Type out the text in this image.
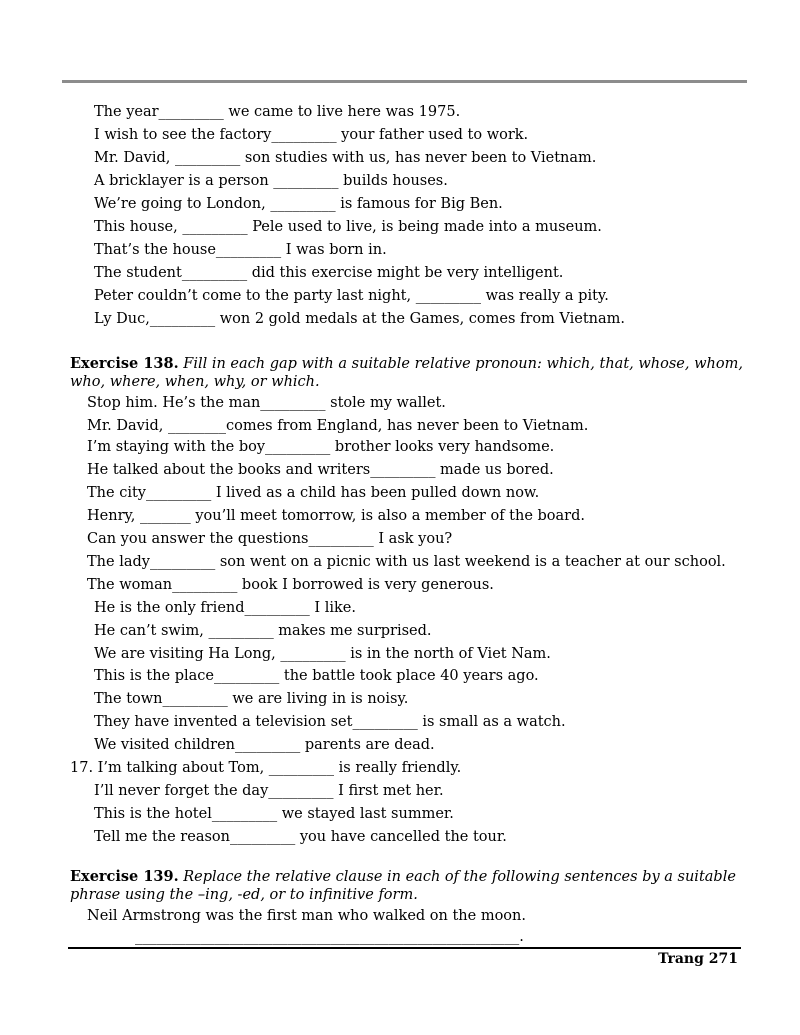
The year_________ we came to live here was 1975.
I wish to see the factory_________ your father used to work.
Mr. David, _________ son studies with us, has never been to Vietnam.
A bricklayer is a person _________ builds houses.
We’re going to London, _________ is famous for Big Ben.
This house, _________ Pele used to live, is being made into a museum.
That’s the house_________ I was born in.
The student_________ did this exercise might be very intelligent.
Peter couldn’t come to the party last night, _________ was really a pity.
Ly Duc,_________ won 2 gold medals at the Games, comes from Vietnam.
Exercise 138. Fill in each gap with a suitable relative pronoun: which, that, whose, whom, who, where, when, why, or which.
Stop him. He’s the man_________ stole my wallet.
Mr. David, ________comes from England, has never been to Vietnam.
I’m staying with the boy_________ brother looks very handsome.
He talked about the books and writers_________ made us bored.
The city_________ I lived as a child has been pulled down now.
Henry, _______ you’ll meet tomorrow, is also a member of the board.
Can you answer the questions_________ I ask you?
The lady_________ son went on a picnic with us last weekend is a teacher at our school.
The woman_________ book I borrowed is very generous.
He is the only friend_________ I like.
He can’t swim, _________ makes me surprised.
We are visiting Ha Long, _________ is in the north of Viet Nam.
This is the place_________ the battle took place 40 years ago.
The town_________ we are living in is noisy.
They have invented a television set_________ is small as a watch.
We visited children_________ parents are dead.
17. I’m talking about Tom, _________ is really friendly.
I’ll never forget the day_________ I first met her.
This is the hotel_________ we stayed last summer.
Tell me the reason_________ you have cancelled the tour.
Exercise 139. Replace the relative clause in each of the following sentences by a suitable phrase using the –ing, -ed, or to infinitive form.
Neil Armstrong was the first man who walked on the moon.
_____________________________________________________.
Trang 271
